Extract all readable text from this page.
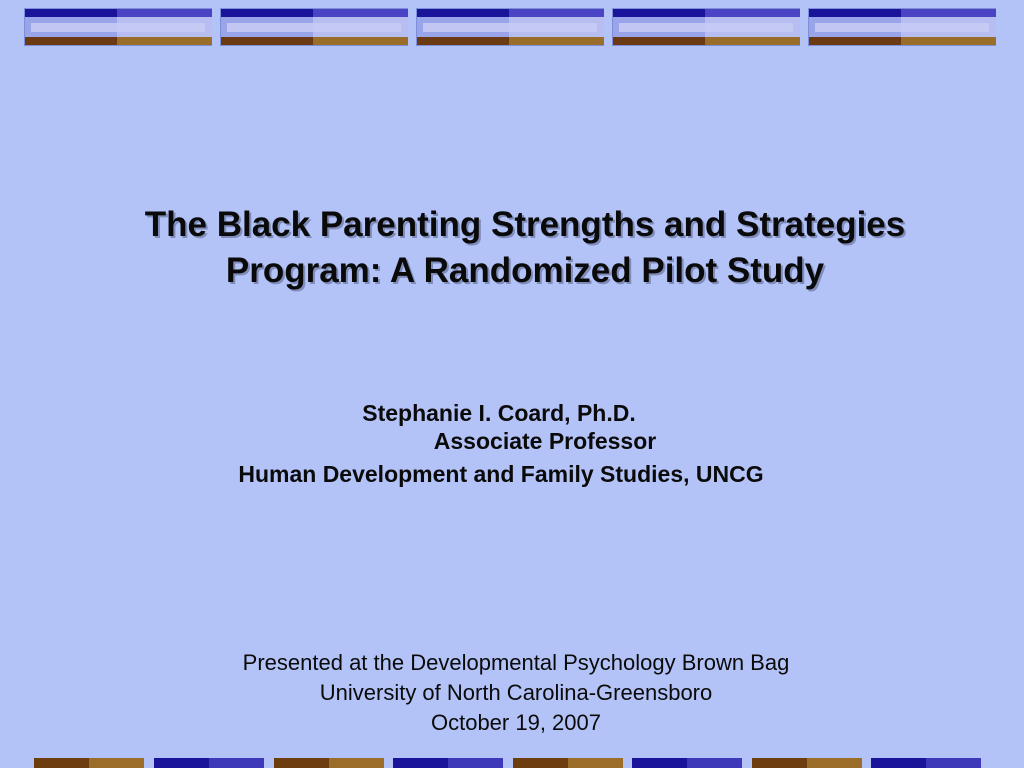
The Black Parenting Strengths and Strategies
Program: A Randomized Pilot Study
Stephanie I. Coard, Ph.D.
Associate Professor
Human Development and Family Studies, UNCG
Presented at the Developmental Psychology Brown Bag
University of North Carolina-Greensboro
October 19, 2007
